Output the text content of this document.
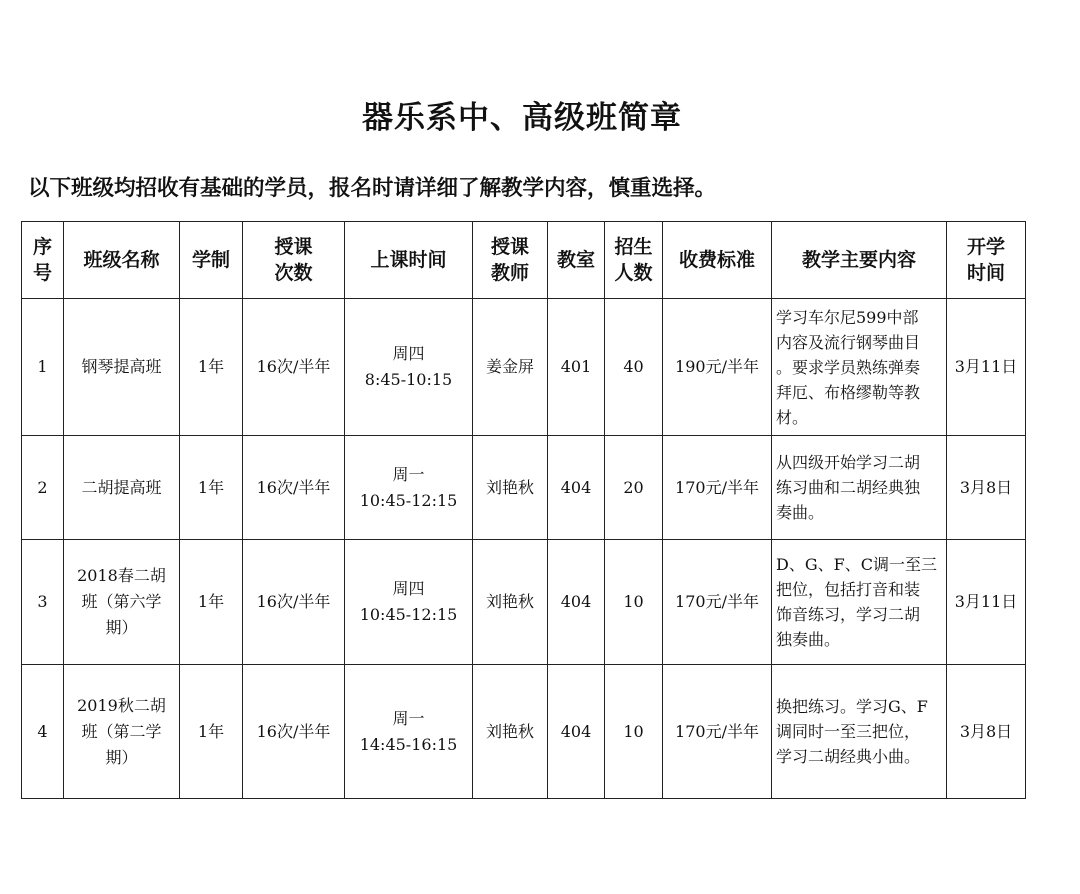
器乐系中、高级班简章
以下班级均招收有基础的学员，报名时请详细了解教学内容，慎重选择。
序
号	班级名称	学制	授课
次数	上课时间	授课
教师	教室	招生
人数	收费标准	教学主要内容	开学
时间

1	钢琴提高班	1年	16次/半年	周四
8:45-10:15	姜金屏	401	40	190元/半年	学习车尔尼599中部
内容及流行钢琴曲目
。要求学员熟练弹奏
拜厄、布格缪勒等教
材。	3月11日
2	二胡提高班	1年	16次/半年	周一
10:45-12:15	刘艳秋	404	20	170元/半年	从四级开始学习二胡
练习曲和二胡经典独
奏曲。	3月8日
3	2018春二胡
班（第六学
期）	1年	16次/半年	周四
10:45-12:15	刘艳秋	404	10	170元/半年	D、G、F、C调一至三
把位，包括打音和装
饰音练习，学习二胡
独奏曲。	3月11日
4	2019秋二胡
班（第二学
期）	1年	16次/半年	周一
14:45-16:15	刘艳秋	404	10	170元/半年	换把练习。学习G、F
调同时一至三把位，
学习二胡经典小曲。	3月8日
